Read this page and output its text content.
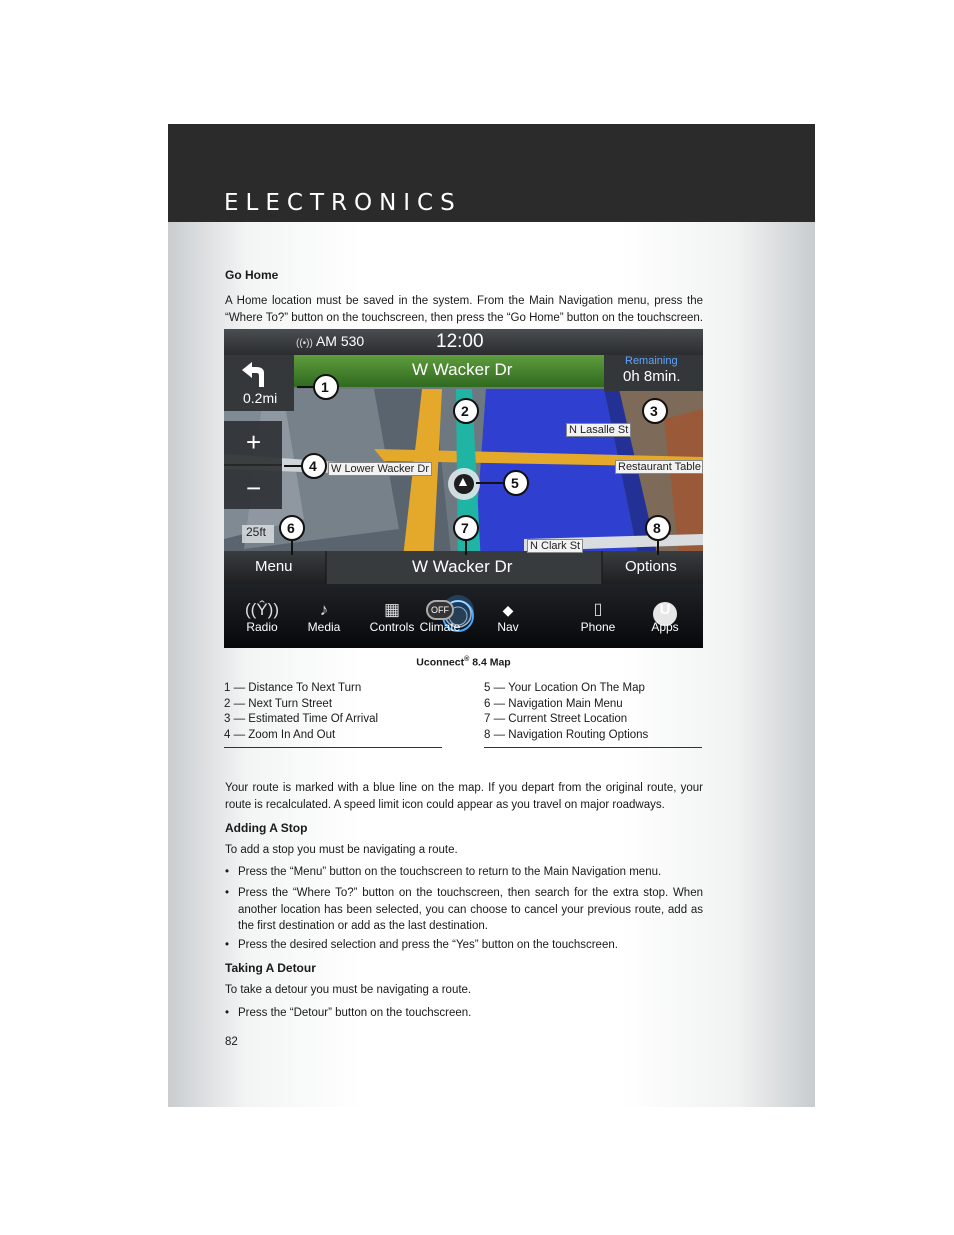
ELECTRONICS
Go Home
A Home location must be saved in the system. From the Main Navigation menu, press the “Where To?” button on the touchscreen, then press the “Go Home” button on the touchscreen.
((•)) AM 530	12:00
W Wacker Dr	Remaining
0h 8min.
0.2mi
+
−
25ft
N Lasalle St
W Lower Wacker Dr	Restaurant Table
N Clark St
▲
1
2	3
4
5
6	7	8
Menu	W Wacker Dr	Options
((Ŷ))
Radio
♪
Media
▦
Controls
OFF
Climate
◆
Nav
▯
Phone
U
Apps
Uconnect® 8.4 Map
1 — Distance To Next Turn
2 — Next Turn Street
3 — Estimated Time Of Arrival
4 — Zoom In And Out
5 — Your Location On The Map
6 — Navigation Main Menu
7 — Current Street Location
8 — Navigation Routing Options
Your route is marked with a blue line on the map. If you depart from the original route, your route is recalculated. A speed limit icon could appear as you travel on major roadways.
Adding A Stop
To add a stop you must be navigating a route.
• Press the “Menu” button on the touchscreen to return to the Main Navigation menu.
• Press the “Where To?” button on the touchscreen, then search for the extra stop. When another location has been selected, you can choose to cancel your previous route, add as the first destination or add as the last destination.
• Press the desired selection and press the “Yes” button on the touchscreen.
Taking A Detour
To take a detour you must be navigating a route.
• Press the “Detour” button on the touchscreen.
82
